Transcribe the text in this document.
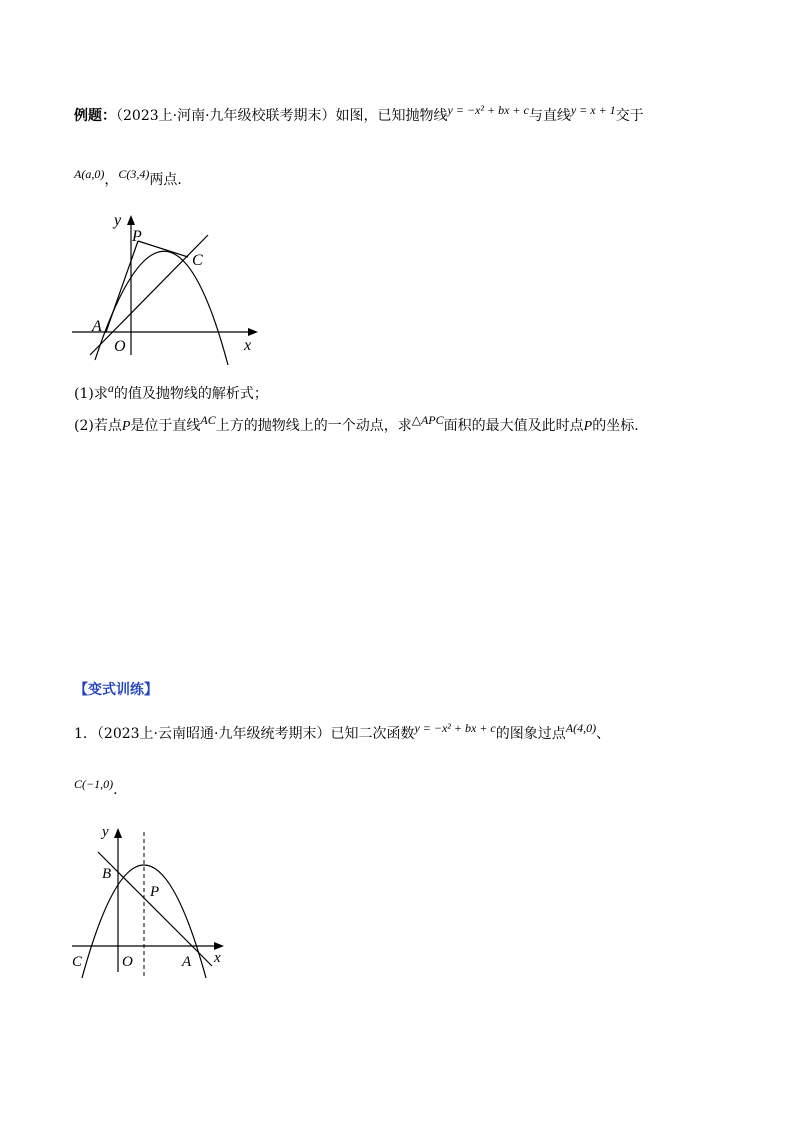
例题：（2023上·河南·九年级校联考期末）如图，已知抛物线y = −x² + bx + c与直线y = x + 1交于
A(a,0)，C(3,4)两点.
y
x
P
C
A
O
(1)求a的值及抛物线的解析式；
(2)若点P是位于直线AC上方的抛物线上的一个动点，求△APC面积的最大值及此时点P的坐标.
【变式训练】
1．（2023上·云南昭通·九年级统考期末）已知二次函数y = −x² + bx + c的图象过点A(4,0)、
C(−1,0).
y
x
B
P
C	O	A
